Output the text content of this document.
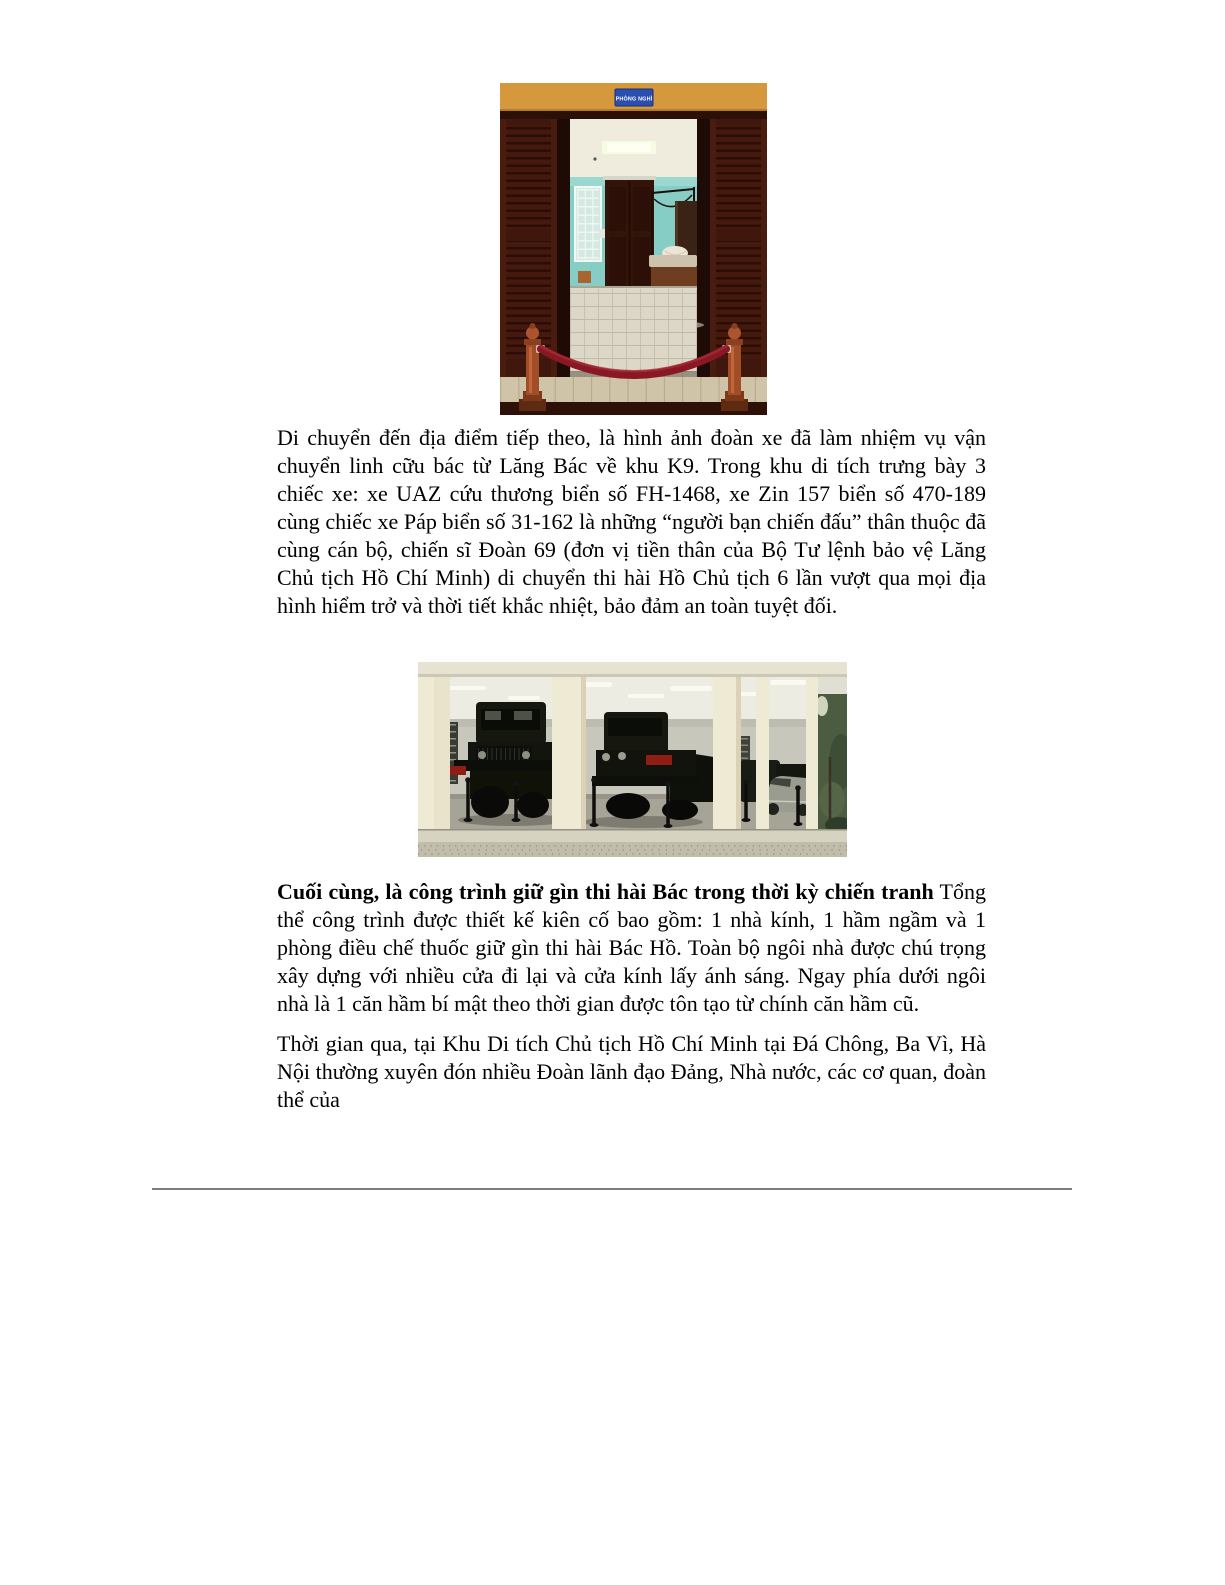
PHÒNG NGHỈ

Di chuyển đến địa điểm tiếp theo, là hình ảnh đoàn xe đã làm nhiệm vụ vận chuyển linh cữu bác từ Lăng Bác về khu K9. Trong khu di tích trưng bày 3 chiếc xe: xe UAZ cứu thương biển số FH-1468, xe Zin 157 biển số 470-189 cùng chiếc xe Páp biển số 31-162 là những “người bạn chiến đấu” thân thuộc đã cùng cán bộ, chiến sĩ Đoàn 69 (đơn vị tiền thân của Bộ Tư lệnh bảo vệ Lăng Chủ tịch Hồ Chí Minh) di chuyển thi hài Hồ Chủ tịch 6 lần vượt qua mọi địa hình hiểm trở và thời tiết khắc nhiệt, bảo đảm an toàn tuyệt đối.

Cuối cùng, là công trình giữ gìn thi hài Bác trong thời kỳ chiến tranh Tổng thể công trình được thiết kế kiên cố bao gồm: 1 nhà kính, 1 hầm ngầm và 1 phòng điều chế thuốc giữ gìn thi hài Bác Hồ. Toàn bộ ngôi nhà được chú trọng xây dựng với nhiều cửa đi lại và cửa kính lấy ánh sáng. Ngay phía dưới ngôi nhà là 1 căn hầm bí mật theo thời gian được tôn tạo từ chính căn hầm cũ.

Thời gian qua, tại Khu Di tích Chủ tịch Hồ Chí Minh tại Đá Chông, Ba Vì, Hà Nội thường xuyên đón nhiều Đoàn lãnh đạo Đảng, Nhà nước, các cơ quan, đoàn thể của
